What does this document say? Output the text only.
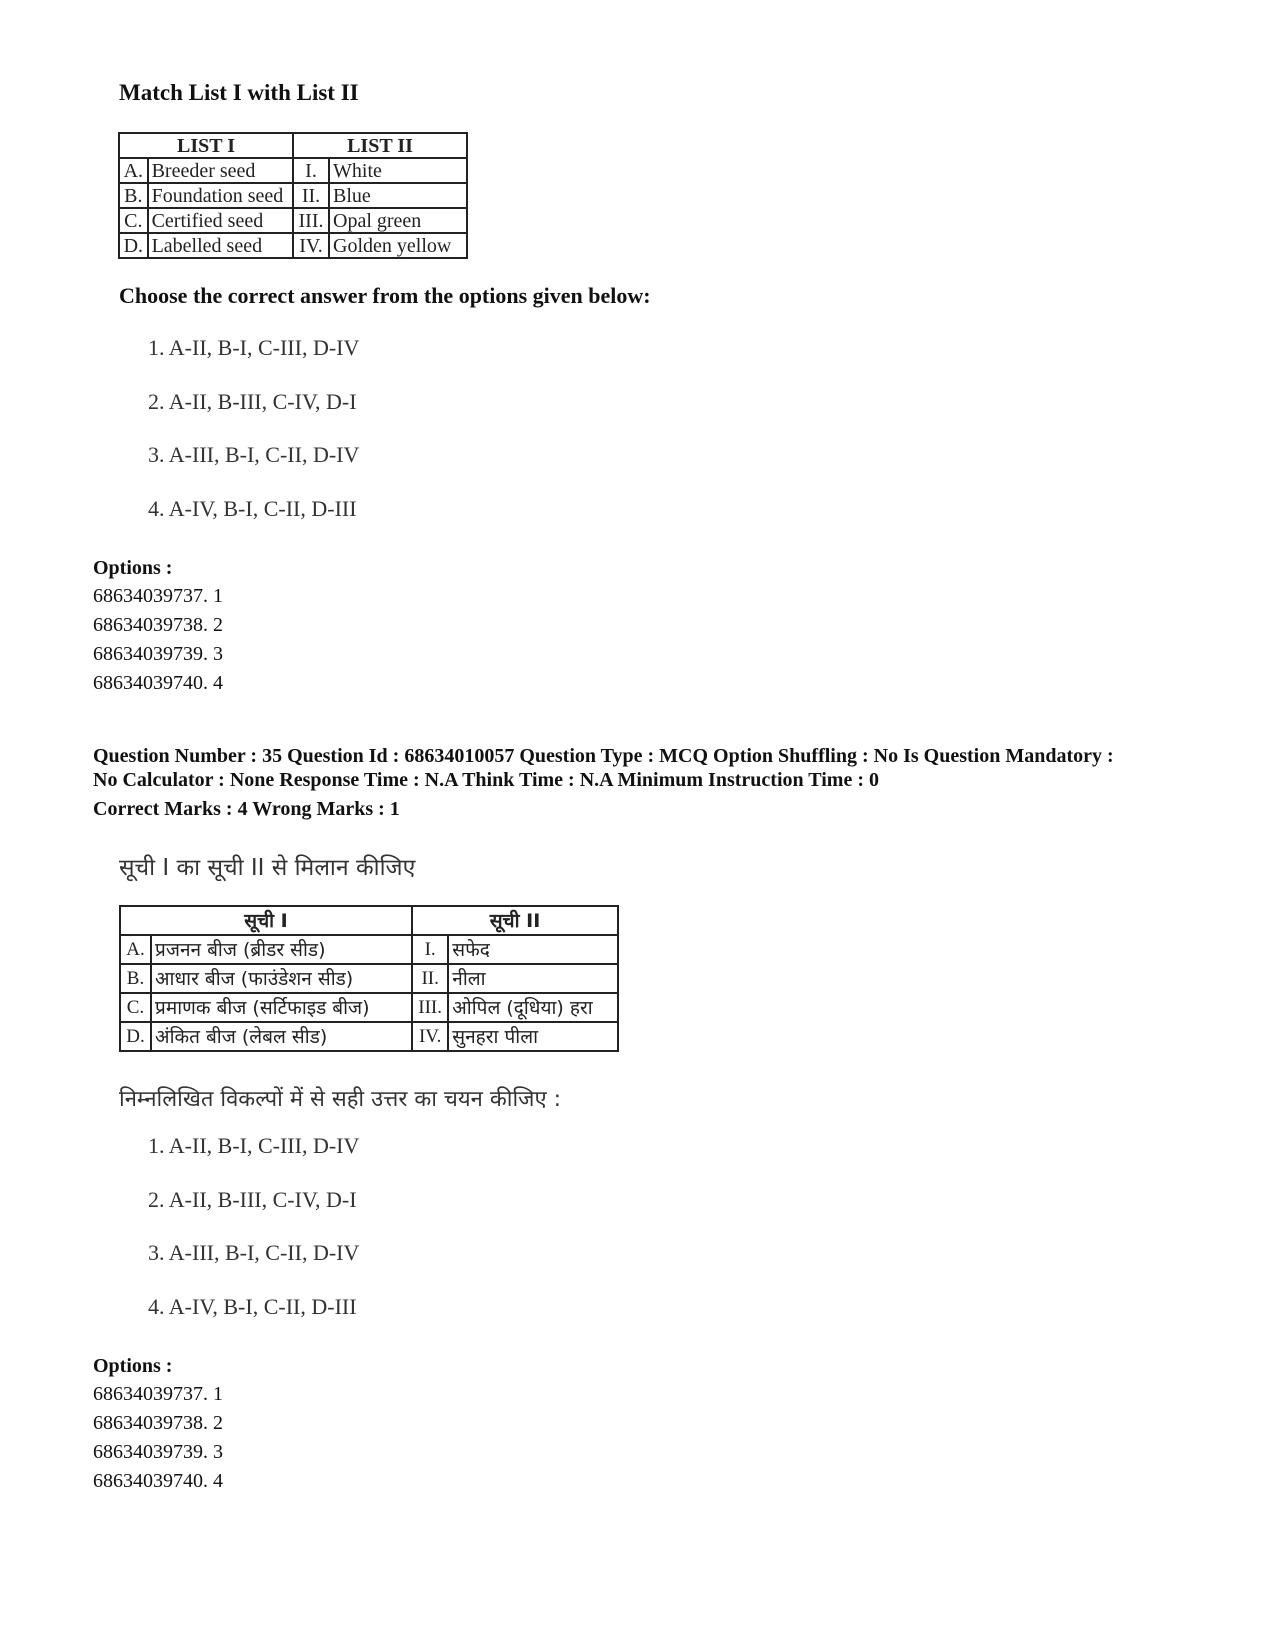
Match List I with List II

LIST I		LIST II	
A.	Breeder seed	I.	White
B.	Foundation seed	II.	Blue
C.	Certified seed	III.	Opal green
D.	Labelled seed	IV.	Golden yellow

Choose the correct answer from the options given below:

1. A-II, B-I, C-III, D-IV

2. A-II, B-III, C-IV, D-I

3. A-III, B-I, C-II, D-IV

4. A-IV, B-I, C-II, D-III

Options :

68634039737. 1

68634039738. 2

68634039739. 3

68634039740. 4

Question Number : 35 Question Id : 68634010057 Question Type : MCQ Option Shuffling : No Is Question Mandatory :

No Calculator : None Response Time : N.A Think Time : N.A Minimum Instruction Time : 0

Correct Marks : 4 Wrong Marks : 1

सूची I का सूची II से मिलान कीजिए

सूची I		सूची II	
A.	प्रजनन बीज (ब्रीडर सीड)	I.	सफेद
B.	आधार बीज (फाउंडेशन सीड)	II.	नीला
C.	प्रमाणक बीज (सर्टिफाइड बीज)	III.	ओपिल (दूधिया) हरा
D.	अंकित बीज (लेबल सीड)	IV.	सुनहरा पीला

निम्नलिखित विकल्पों में से सही उत्तर का चयन कीजिए :

1. A-II, B-I, C-III, D-IV

2. A-II, B-III, C-IV, D-I

3. A-III, B-I, C-II, D-IV

4. A-IV, B-I, C-II, D-III

Options :

68634039737. 1

68634039738. 2

68634039739. 3

68634039740. 4
